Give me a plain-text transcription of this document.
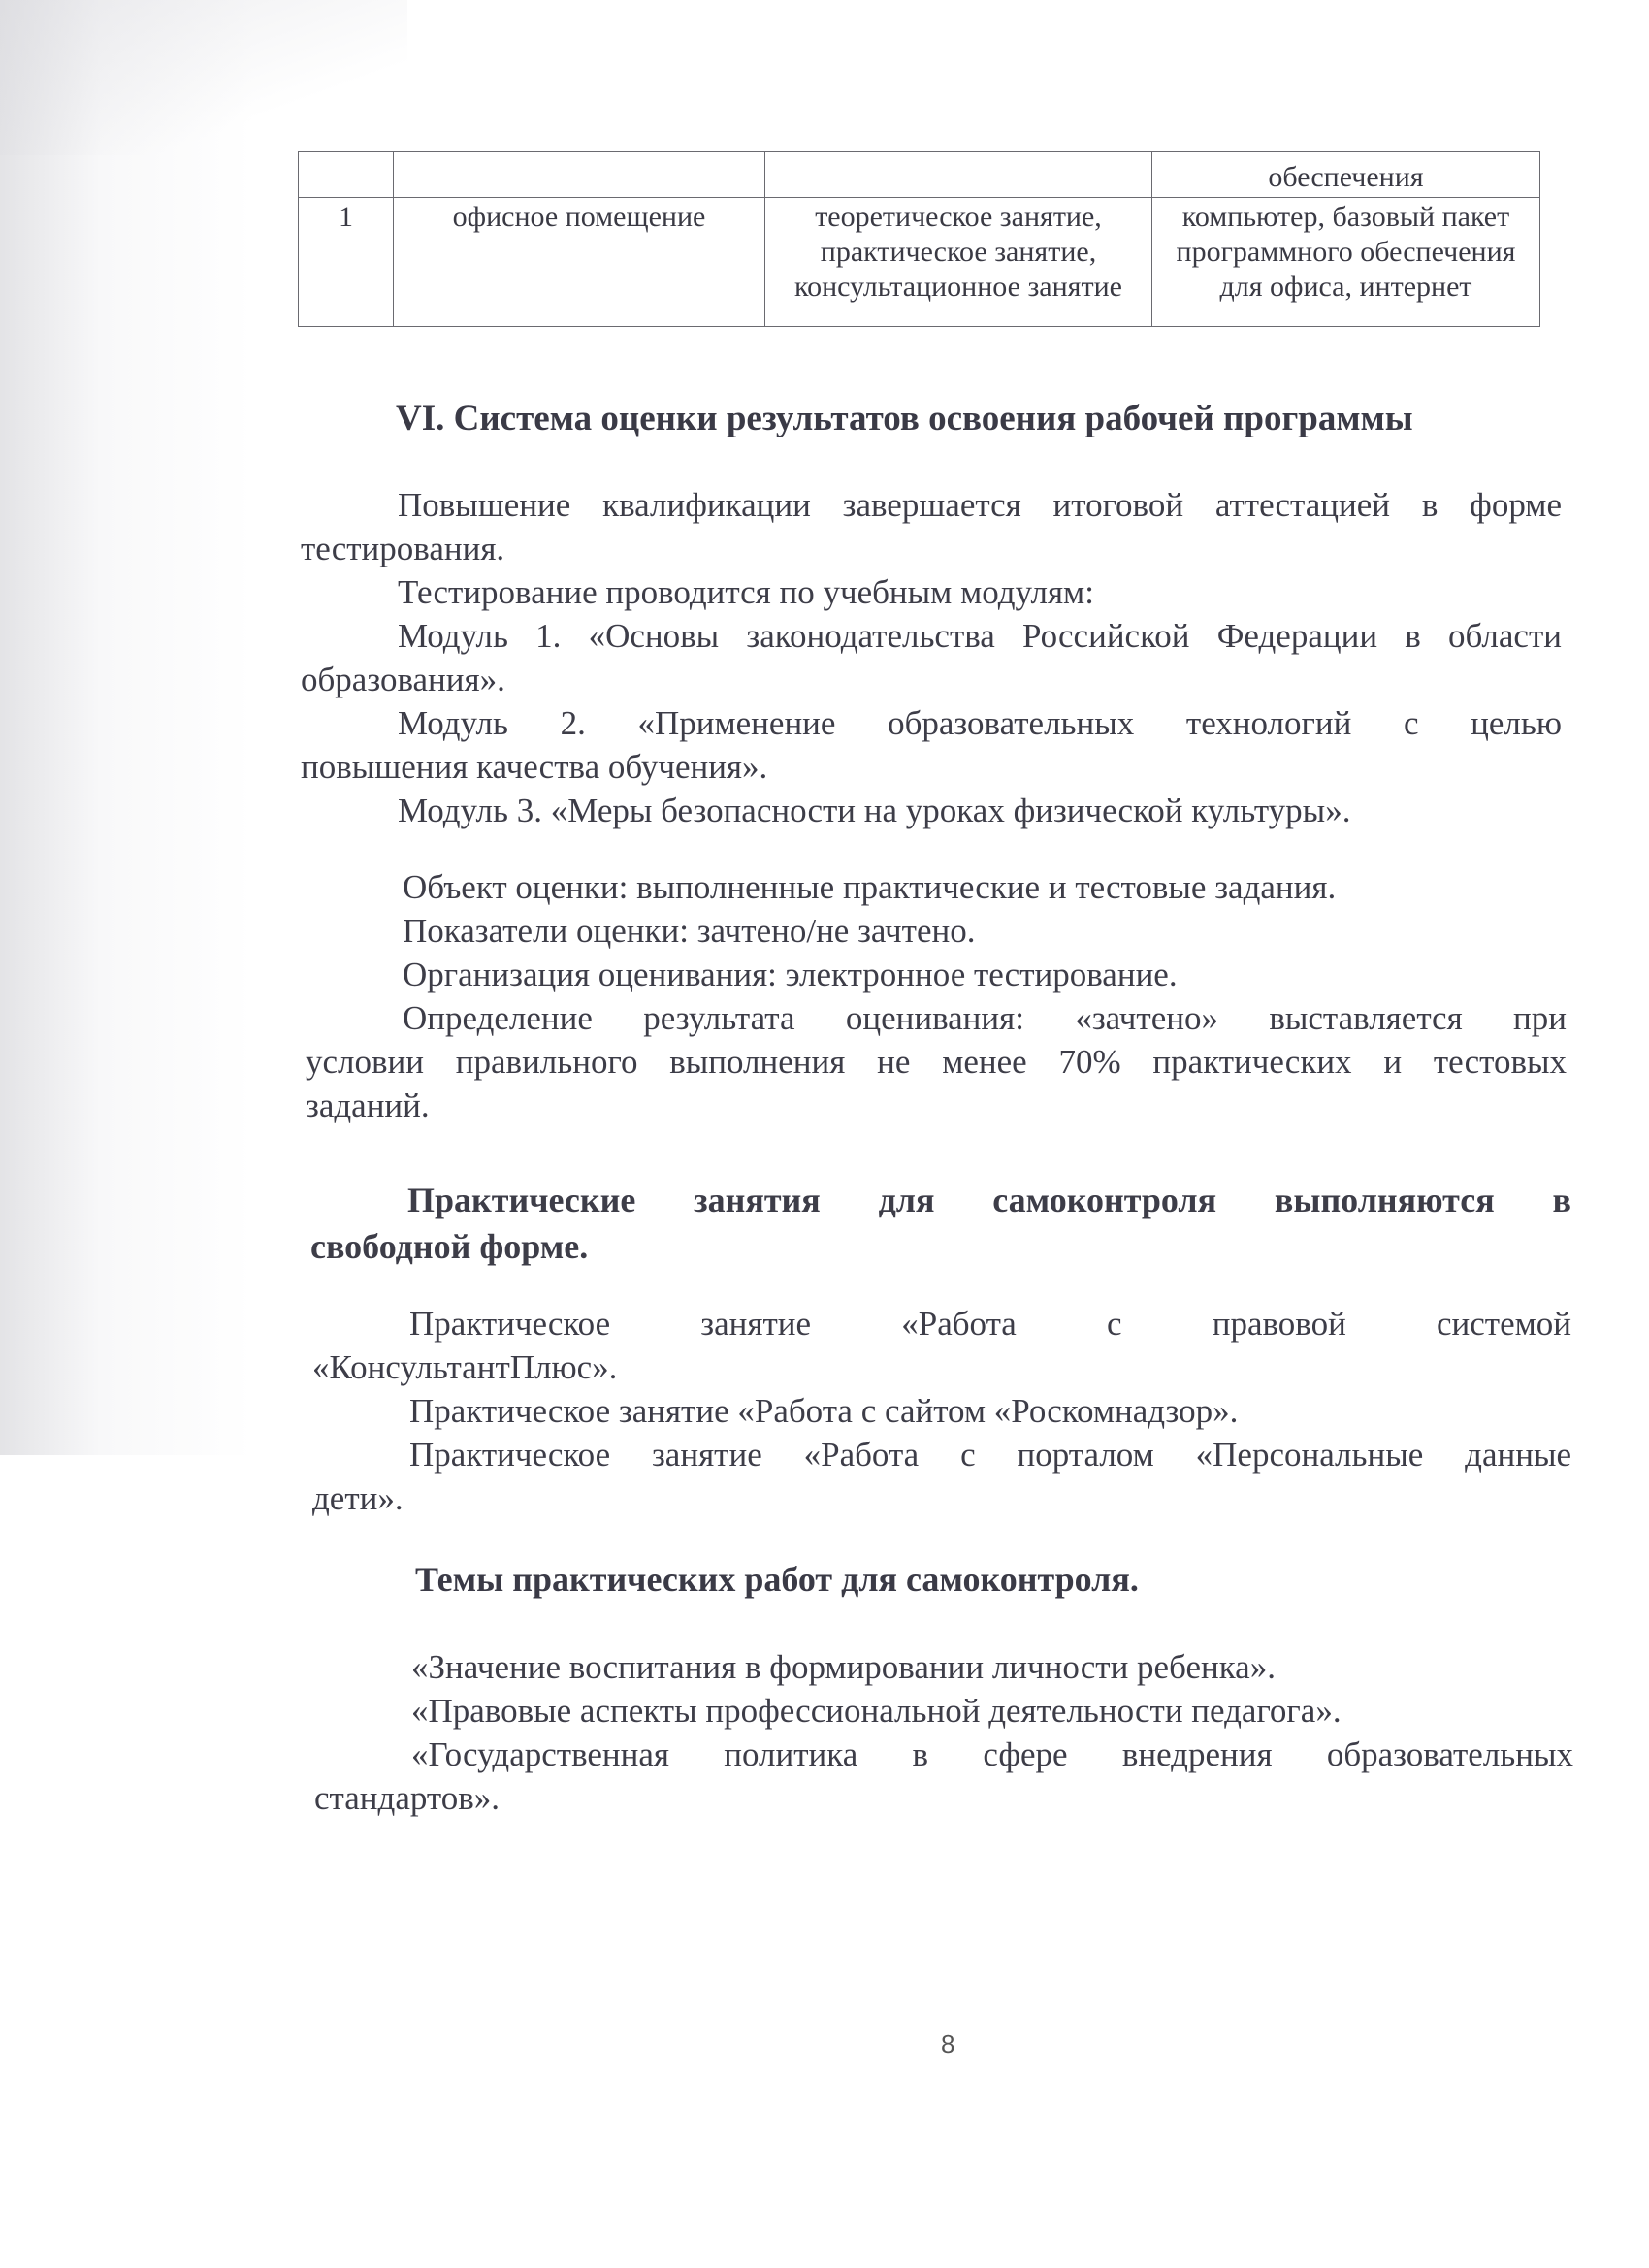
			обеспечения
1	офисное помещение	теоретическое занятие, практическое занятие, консультационное занятие	компьютер, базовый пакет программного обеспечения для офиса, интернет
VI. Система оценки результатов освоения рабочей программы
Повышение квалификации завершается итоговой аттестацией в форме
тестирования.
Тестирование проводится по учебным модулям:
Модуль 1. «Основы законодательства Российской Федерации в области
образования».
Модуль 2. «Применение образовательных технологий с целью
повышения качества обучения».
Модуль 3. «Меры безопасности на уроках физической культуры».
Объект оценки: выполненные практические и тестовые задания.
Показатели оценки: зачтено/не зачтено.
Организация оценивания: электронное тестирование.
Определение результата оценивания: «зачтено» выставляется при
условии правильного выполнения не менее 70% практических и тестовых
заданий.
Практические занятия для самоконтроля выполняются в
свободной форме.
Практическое занятие «Работа с правовой системой
«КонсультантПлюс».
Практическое занятие «Работа с сайтом «Роскомнадзор».
Практическое занятие «Работа с порталом «Персональные данные
дети».
Темы практических работ для самоконтроля.
«Значение воспитания в формировании личности ребенка».
«Правовые аспекты профессиональной деятельности педагога».
«Государственная политика в сфере внедрения образовательных
стандартов».
8
